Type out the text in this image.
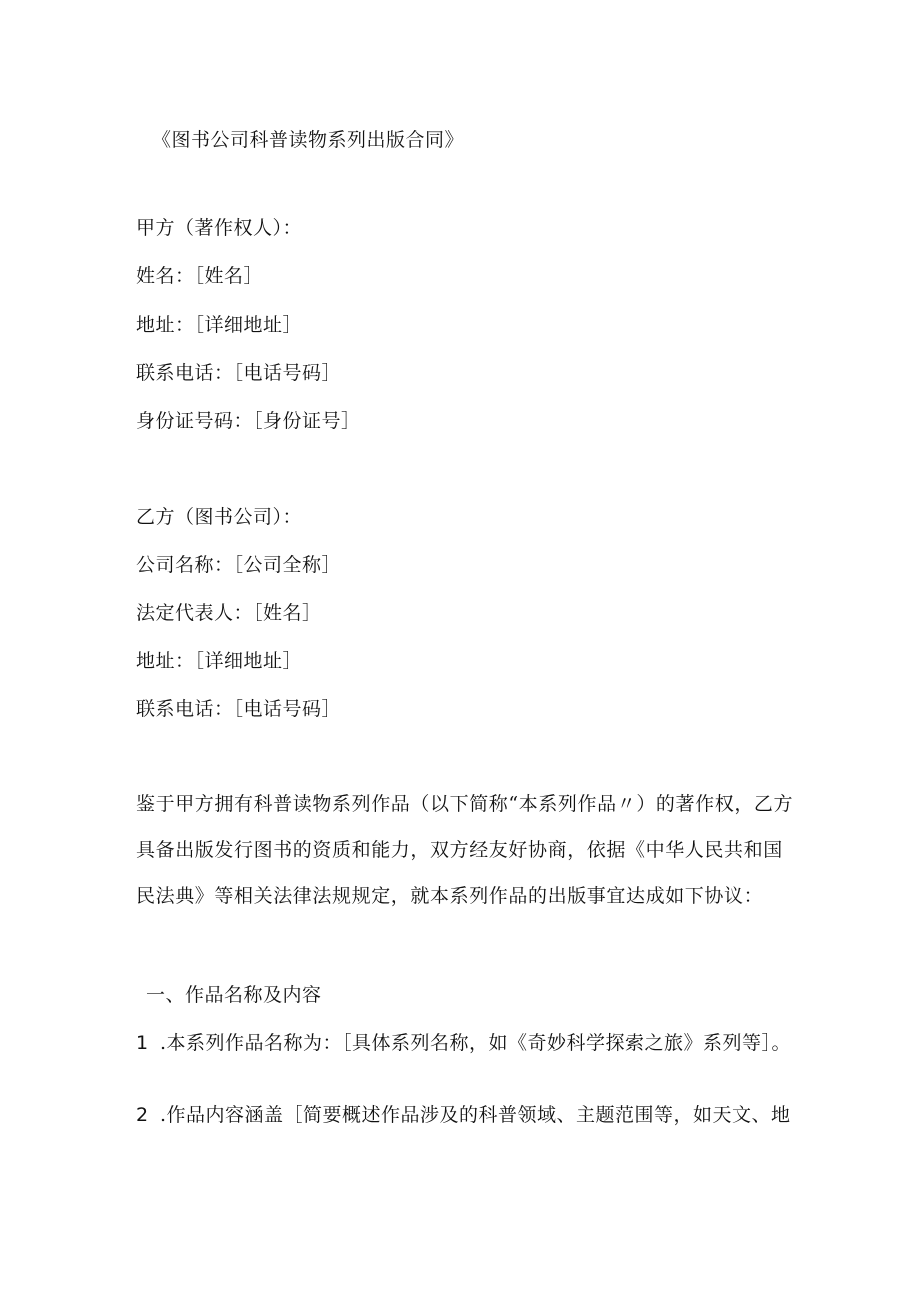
《图书公司科普读物系列出版合同》
甲方（著作权人）：
姓名：［姓名］
地址：［详细地址］
联系电话：［电话号码］
身份证号码：［身份证号］
乙方（图书公司）：
公司名称：［公司全称］
法定代表人：［姓名］
地址：［详细地址］
联系电话：［电话号码］
鉴于甲方拥有科普读物系列作品（以下简称“本系列作品〃）的著作权，乙方具备出版发行图书的资质和能力，双方经友好协商，依据《中华人民共和国民法典》等相关法律法规规定，就本系列作品的出版事宜达成如下协议：
一、作品名称及内容
1 .本系列作品名称为：［具体系列名称，如《奇妙科学探索之旅》系列等］。
2 .作品内容涵盖［简要概述作品涉及的科普领域、主题范围等，如天文、地
